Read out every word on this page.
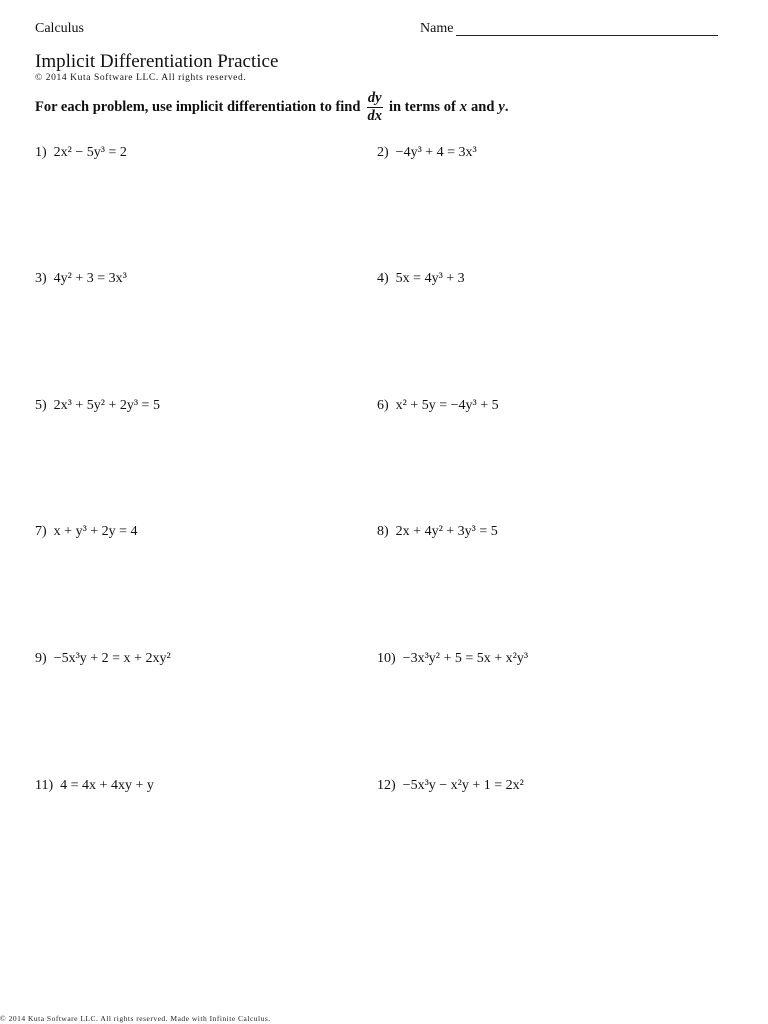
Calculus	Name
Implicit Differentiation Practice
© 2014 Kuta Software LLC. All rights reserved.
For each problem, use implicit differentiation to find $\frac{dy}{dx}$ in terms of x and y .
1) 2x² − 5y³ = 2	2) −4y³ + 4 = 3x³
3) 4y² + 3 = 3x³	4) 5x = 4y³ + 3
5) 2x³ + 5y² + 2y³ = 5	6) x² + 5y = −4y³ + 5
7) x + y³ + 2y = 4	8) 2x + 4y² + 3y³ = 5
9) −5x³y + 2 = x + 2xy²	10) −3x³y² + 5 = 5x + x²y³
11) 4 = 4x + 4xy + y	12) −5x³y − x²y + 1 = 2x²
© 2014 Kuta Software LLC. All rights reserved. Made with Infinite Calculus.
